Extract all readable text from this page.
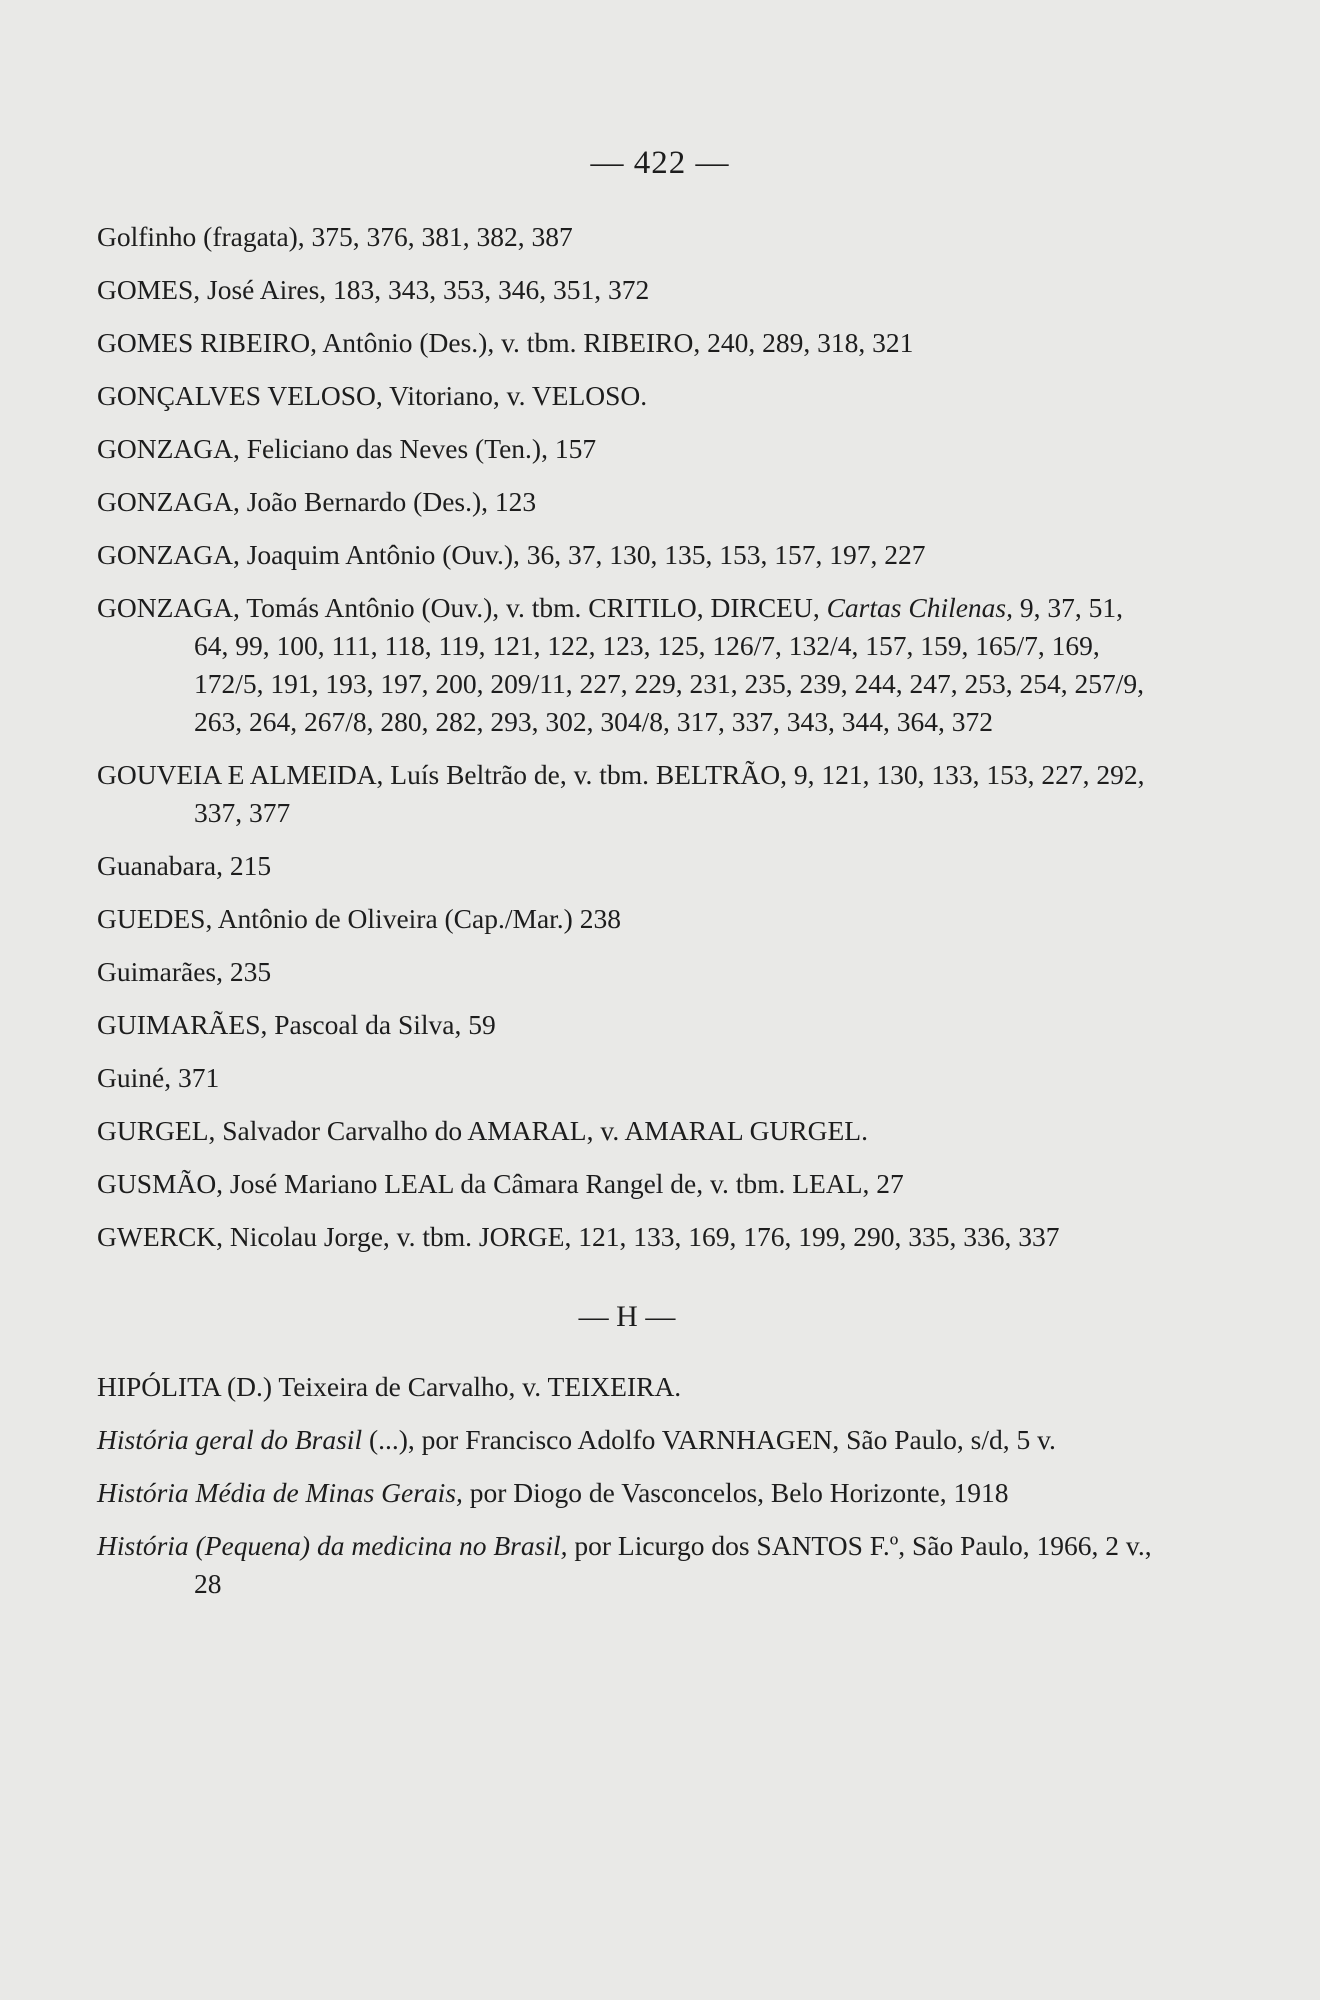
— 422 —
Golfinho (fragata), 375, 376, 381, 382, 387
GOMES, José Aires, 183, 343, 353, 346, 351, 372
GOMES RIBEIRO, Antônio (Des.), v. tbm. RIBEIRO, 240, 289, 318, 321
GONÇALVES VELOSO, Vitoriano, v. VELOSO.
GONZAGA, Feliciano das Neves (Ten.), 157
GONZAGA, João Bernardo (Des.), 123
GONZAGA, Joaquim Antônio (Ouv.), 36, 37, 130, 135, 153, 157, 197, 227
GONZAGA, Tomás Antônio (Ouv.), v. tbm. CRITILO, DIRCEU, Cartas Chilenas, 9, 37, 51, 64, 99, 100, 111, 118, 119, 121, 122, 123, 125, 126/7, 132/4, 157, 159, 165/7, 169, 172/5, 191, 193, 197, 200, 209/11, 227, 229, 231, 235, 239, 244, 247, 253, 254, 257/9, 263, 264, 267/8, 280, 282, 293, 302, 304/8, 317, 337, 343, 344, 364, 372
GOUVEIA E ALMEIDA, Luís Beltrão de, v. tbm. BELTRÃO, 9, 121, 130, 133, 153, 227, 292, 337, 377
Guanabara, 215
GUEDES, Antônio de Oliveira (Cap./Mar.) 238
Guimarães, 235
GUIMARÃES, Pascoal da Silva, 59
Guiné, 371
GURGEL, Salvador Carvalho do AMARAL, v. AMARAL GURGEL.
GUSMÃO, José Mariano LEAL da Câmara Rangel de, v. tbm. LEAL, 27
GWERCK, Nicolau Jorge, v. tbm. JORGE, 121, 133, 169, 176, 199, 290, 335, 336, 337
— H —
HIPÓLITA (D.) Teixeira de Carvalho, v. TEIXEIRA.
História geral do Brasil (...), por Francisco Adolfo VARNHAGEN, São Paulo, s/d, 5 v.
História Média de Minas Gerais, por Diogo de Vasconcelos, Belo Horizonte, 1918
História (Pequena) da medicina no Brasil, por Licurgo dos SANTOS F.º, São Paulo, 1966, 2 v., 28
